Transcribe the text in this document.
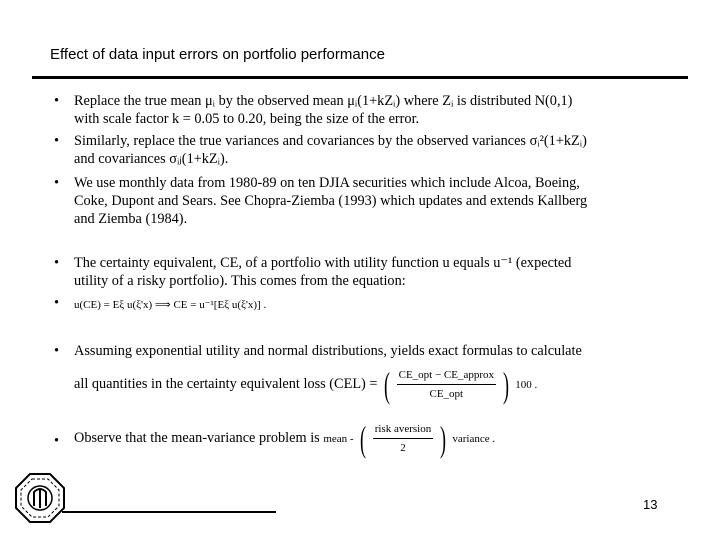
Effect of data input errors on portfolio performance
•	Replace the true mean μᵢ by the observed mean μᵢ(1+kZᵢ) where Zᵢ is distributed N(0,1)
with scale factor k = 0.05 to 0.20, being the size of the error.
•	Similarly, replace the true variances and covariances by the observed variances σᵢ²(1+kZᵢ)
and covariances σᵢⱼ(1+kZᵢ).
•	We use monthly data from 1980-89 on ten DJIA securities which include Alcoa, Boeing,
Coke, Dupont and Sears. See Chopra-Ziemba (1993) which updates and extends Kallberg
and Ziemba (1984).
•	The certainty equivalent, CE, of a portfolio with utility function u equals u⁻¹ (expected
utility of a risky portfolio). This comes from the equation:
•	u(CE) = Eξ u(ξ'x) ⟹ CE = u⁻¹[Eξ u(ξ'x)] .
•	Assuming exponential utility and normal distributions, yields exact formulas to calculate
all quantities in the certainty equivalent loss (CEL) = ( $\frac{\text{CE\_opt − CE\_approx}}{\text{CE\_opt}}$ ) 100 .
•	Observe that the mean-variance problem is mean - ( $\frac{\text{risk aversion}}{2}$ ) variance .
13
